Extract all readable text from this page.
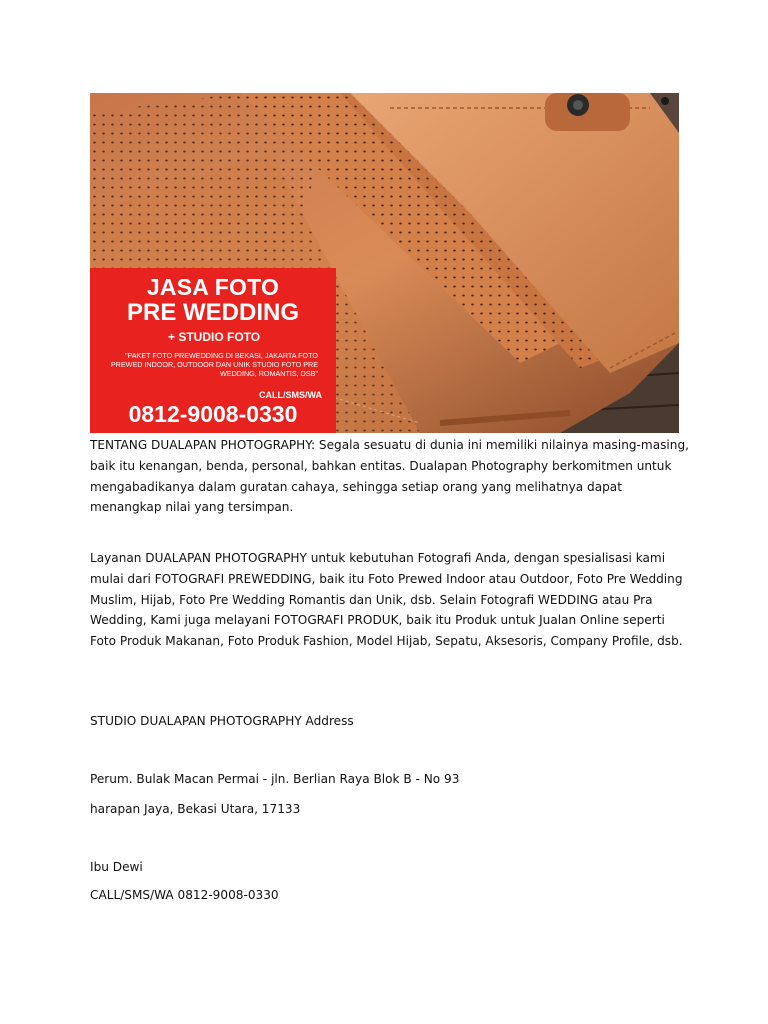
JASA FOTO
PRE WEDDING
+ STUDIO FOTO
"PAKET FOTO PREWEDDING DI BEKASI, JAKARTA FOTO PREWED INDOOR, OUTDOOR DAN UNIK STUDIO FOTO PRE WEDDING, ROMANTIS, DSB"
CALL/SMS/WA
0812-9008-0330

TENTANG DUALAPAN PHOTOGRAPHY: Segala sesuatu di dunia ini memiliki nilainya masing-masing, baik itu kenangan, benda, personal, bahkan entitas. Dualapan Photography berkomitmen untuk mengabadikanya dalam guratan cahaya, sehingga setiap orang yang melihatnya dapat menangkap nilai yang tersimpan.

Layanan DUALAPAN PHOTOGRAPHY untuk kebutuhan Fotografi Anda, dengan spesialisasi kami mulai dari FOTOGRAFI PREWEDDING, baik itu Foto Prewed Indoor atau Outdoor, Foto Pre Wedding Muslim, Hijab, Foto Pre Wedding Romantis dan Unik, dsb. Selain Fotografi WEDDING atau Pra Wedding, Kami juga melayani FOTOGRAFI PRODUK, baik itu Produk untuk Jualan Online seperti Foto Produk Makanan, Foto Produk Fashion, Model Hijab, Sepatu, Aksesoris, Company Profile, dsb.

STUDIO DUALAPAN PHOTOGRAPHY Address

Perum. Bulak Macan Permai - jln. Berlian Raya Blok B - No 93

harapan Jaya, Bekasi Utara, 17133

Ibu Dewi

CALL/SMS/WA 0812-9008-0330
